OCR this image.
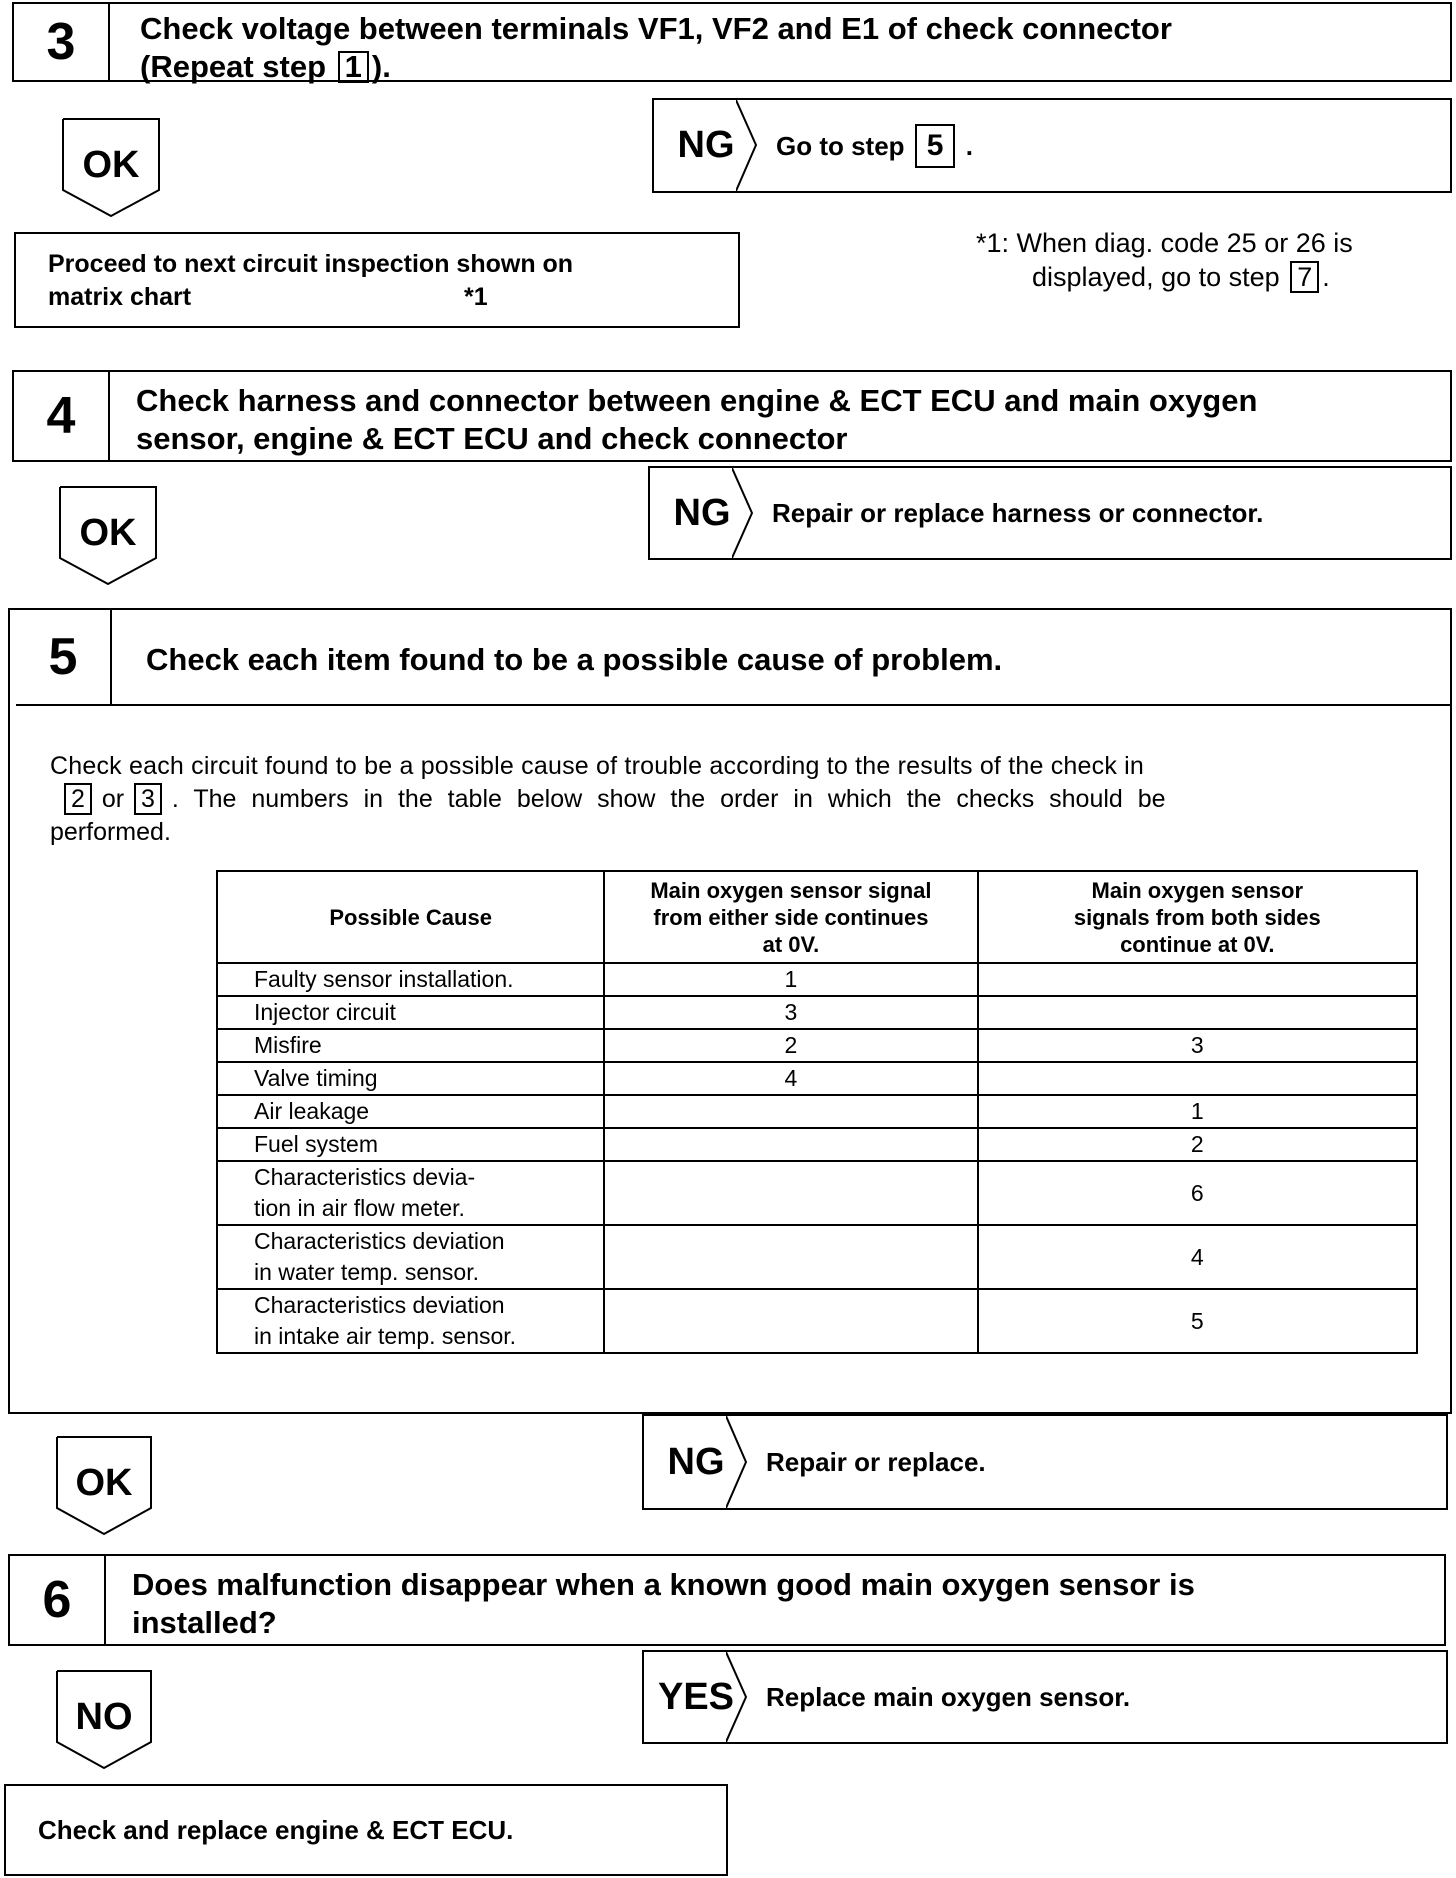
3	Check voltage between terminals VF1, VF2 and E1 of check connector
(Repeat step 1 ).
OK	NG	Go to step 5 .
Proceed to next circuit inspection shown on
matrix chart	*1
*1: When diag. code 25 or 26 is
displayed, go to step 7 .
4	Check harness and connector between engine & ECT ECU and main oxygen
sensor, engine & ECT ECU and check connector
OK	NG	Repair or replace harness or connector.
5	Check each item found to be a possible cause of problem.
Check each circuit found to be a possible cause of trouble according to the results of the check in
2 or 3 . The numbers in the table below show the order in which the checks should be
performed.
Possible Cause	Main oxygen sensor signal from either side continues at 0V.	Main oxygen sensor signals from both sides continue at 0V.

Faulty sensor installation.	1	

Injector circuit	3	

Misfire	2	3

Valve timing	4	

Air leakage		1

Fuel system		2

Characteristics devia-
tion in air flow meter.		6

Characteristics deviation
in water temp. sensor.		4

Characteristics deviation
in intake air temp. sensor.		5
OK
NG	Repair or replace.
6	Does malfunction disappear when a known good main oxygen sensor is
installed?
NO	YES	Replace main oxygen sensor.
Check and replace engine & ECT ECU.
